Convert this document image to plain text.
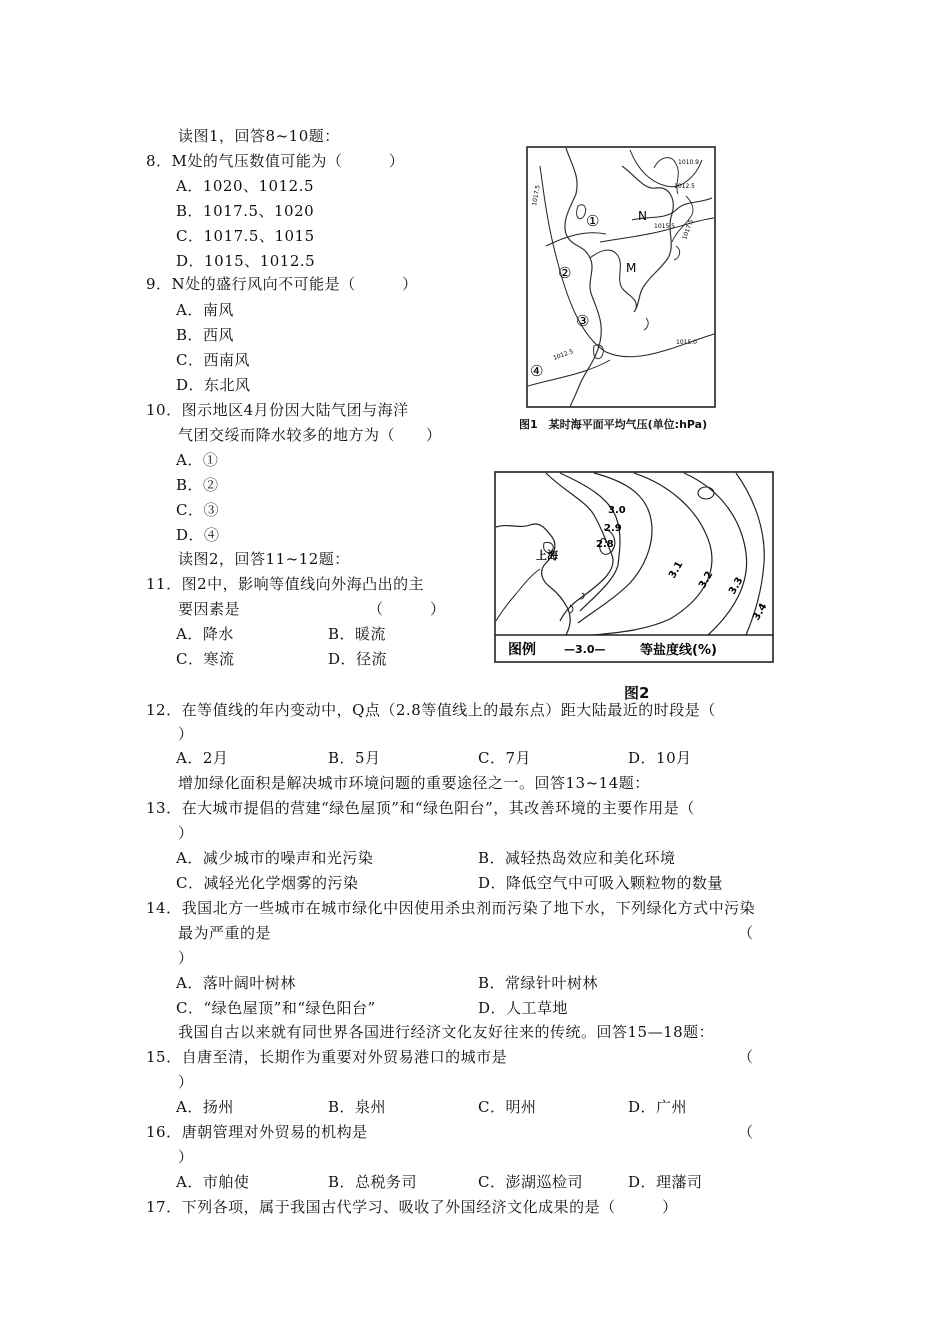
读图1，回答8~10题：
8．M处的气压数值可能为（　　　）
A．1020、1012.5
B．1017.5、1020
C．1017.5、1015
D．1015、1012.5
9．N处的盛行风向不可能是（　　　）
A．南风
B．西风
C．西南风
D．东北风
10．图示地区4月份因大陆气团与海洋
气团交绥而降水较多的地方为（　　）
A．①
B．②
C．③
D．④
读图2，回答11~12题：
11．图2中，影响等值线向外海凸出的主
要因素是	（　　　）
A．降水	B．暖流
C．寒流	D．径流
12．在等值线的年内变动中，Q点（2.8等值线上的最东点）距大陆最近的时段是（
）
A．2月	B．5月	C．7月	D．10月
增加绿化面积是解决城市环境问题的重要途径之一。回答13~14题：
13．在大城市提倡的营建“绿色屋顶”和“绿色阳台”，其改善环境的主要作用是（
）
A．减少城市的噪声和光污染	B．减轻热岛效应和美化环境
C．减轻光化学烟雾的污染	D．降低空气中可吸入颗粒物的数量
14．我国北方一些城市在城市绿化中因使用杀虫剂而污染了地下水，下列绿化方式中污染
最为严重的是	（
）
A．落叶阔叶树林	B．常绿针叶树林
C．“绿色屋顶”和“绿色阳台”	D．人工草地
我国自古以来就有同世界各国进行经济文化友好往来的传统。回答15—18题：
15．自唐至清，长期作为重要对外贸易港口的城市是	（
）
A．扬州	B．泉州	C．明州	D．广州
16．唐朝管理对外贸易的机构是	（
）
A．市舶使	B．总税务司	C．澎湖巡检司	D．理藩司
17．下列各项，属于我国古代学习、吸收了外国经济文化成果的是（　　　）
①
②
③
④
N
M
1017.5
1010.9
1012.5
1015.5
1015.0
1012.5
1017.5
图1　某时海平面平均气压(单位:hPa)
上海
3.0
2.9
2.8
3.1 3.2 3.3
3.4
图例	—3.0—	等盐度线(%)
图2
